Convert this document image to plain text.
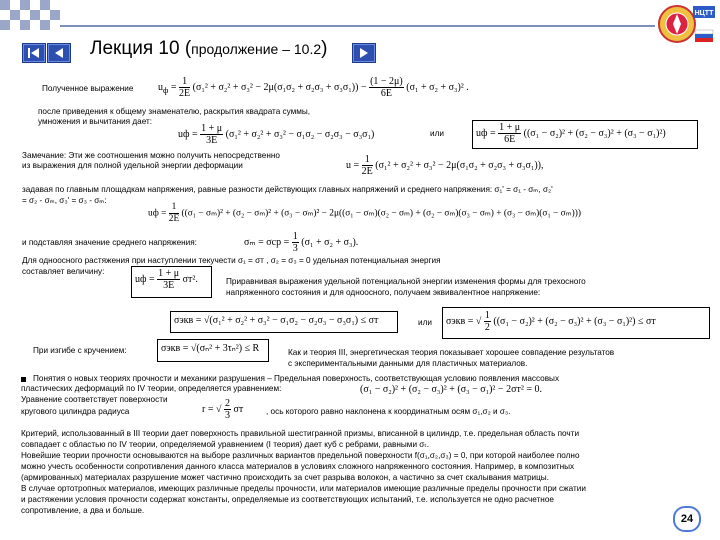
НЦТТ
Лекция 10 (продолжение – 10.2)
Полученное выражение $u_ф = \frac{1}{2E} (\sigma_1^2 + \sigma_2^2 + \sigma_3^2 - 2\mu(\sigma_1\sigma_2 + \sigma_2\sigma_3 + \sigma_3\sigma_1)) - \frac{(1 - 2\mu)}{6E} (\sigma_1 + \sigma_2 + \sigma_3)^2$ .
после приведения к общему знаменателю, раскрытия квадрата суммы,
умножения и вычитания дает:
uф = $\frac{1 + \mu}{3E} (\sigma_1^2 + \sigma_2^2 + \sigma_3^2 - \sigma_1\sigma_2 - \sigma_2\sigma_3 - \sigma_3\sigma_1)$	или	uф = $\frac{1 + \mu}{6E} ((\sigma_1 - \sigma_2)^2 + (\sigma_2 - \sigma_3)^2 + (\sigma_3 - \sigma_1)^2)$
Замечание: Эти же соотношения можно получить непосредственно
из выражения для полной удельной энергии деформации	$u = \frac{1}{2E} (\sigma_1^2 + \sigma_2^2 + \sigma_3^2 - 2\mu(\sigma_1\sigma_2 + \sigma_2\sigma_3 + \sigma_3\sigma_1))$,
задавая по главным площадкам напряжения, равные разности действующих главных напряжений и среднего напряжения: σ₁' = σ₁ - σₘ, σ₂'
= σ₂ - σₘ, σ₃' = σ₃ - σₘ:
uф = $\frac{1}{2E} ((\sigma_1 - \sigma_m)^2 + (\sigma_2 - \sigma_m)^2 + (\sigma_3 - \sigma_m)^2 - 2\mu((\sigma_1 - \sigma_m)(\sigma_2 - \sigma_m) + (\sigma_2 - \sigma_m)(\sigma_3 - \sigma_m) + (\sigma_3 - \sigma_m)(\sigma_1 - \sigma_m)))$
и подставляя значение среднего напряжения:	$\sigma_m = \sigma ср = \frac{1}{3} (\sigma_1 + \sigma_2 + \sigma_3)$.
Для одноосного растяжения при наступлении текучести σ₁ = σт , σ₂ = σ₃ = 0 удельная потенциальная энергия
составляет величину:
uф = $\frac{1 + \mu}{3E} \sigma т^2$.	Приравнивая выражения удельной потенциальной энергии изменения формы для трехосного
напряженного состояния и для одноосного, получаем эквивалентное напряжение:
σэкв = √(σ₁² + σ₂² + σ₃² − σ₁σ₂ − σ₂σ₃ − σ₃σ₁) ≤ σт	или σэкв = √ $\frac{1}{2} ((\sigma_1 - \sigma_2)^2 + (\sigma_2 - \sigma_3)^2 + (\sigma_3 - \sigma_1)^2) \le \sigma т$
При изгибе с кручением:	σэкв = √(σₙ² + 3τₙ²) ≤ R	Как и теория III, энергетическая теория показывает хорошее совпадение результатов
с экспериментальными данными для пластичных материалов.
Понятия о новых теориях прочности и механики разрушения – Предельная поверхность, соответствующая условию появления массовых
пластических деформаций по IV теории, определяется уравнением:	(σ₁ − σ₂)² + (σ₂ − σ₃)² + (σ₃ − σ₁)² − 2σт² = 0.
Уравнение соответствует поверхности
кругового цилиндра радиуса	r = √ $\frac{2}{3}$ σт	, ось которого равно наклонена к координатным осям σ₁,σ₂ и σ₃.
Критерий, использованный в III теории дает поверхность правильной шестигранной призмы, вписанной в цилиндр, т.е. предельная область почти
совпадает с областью по IV теории, определяемой уравнением (I теория) дает куб с ребрами, равными σₜ.
Новейшие теории прочности основываются на выборе различных вариантов предельной поверхности f(σ₁,σ₂,σ₃) = 0, при которой наиболее полно
можно учесть особенности сопротивления данного класса материалов в условиях сложного напряженного состояния. Например, в композитных
(армированных) материалах разрушение может частично происходить за счет разрыва волокон, а частично за счет скалывания матрицы.
В случае ортотропных материалов, имеющих различные пределы прочности, или материалов имеющие различные пределы прочности при сжатии
и растяжении условия прочности содержат константы, определяемые из соответствующих испытаний, т.е. используется не одно расчетное
сопротивление, а два и больше.
24
